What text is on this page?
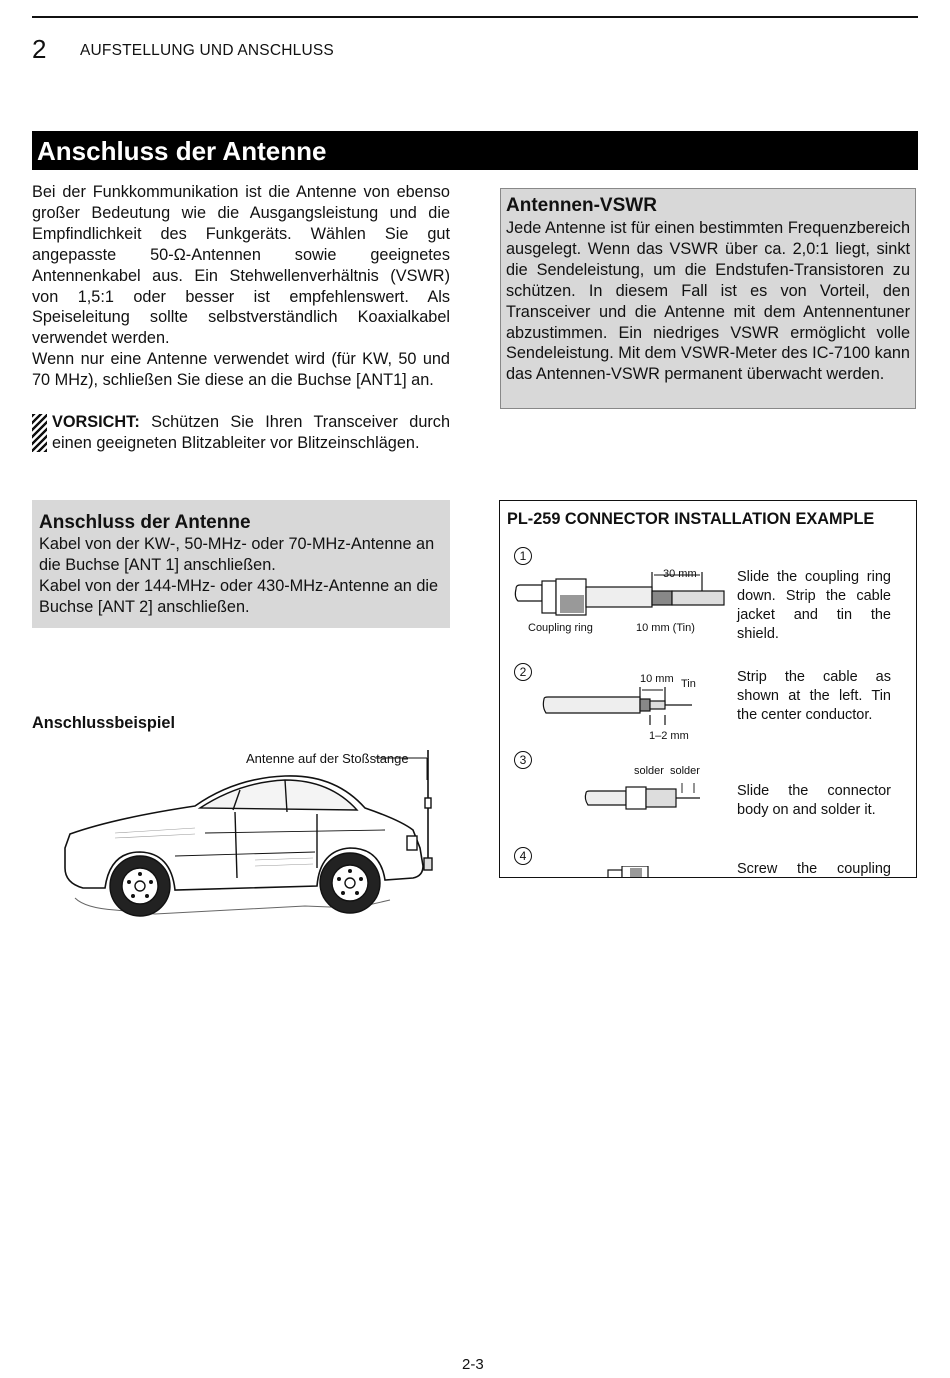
2 AUFSTELLUNG UND ANSCHLUSS
Anschluss der Antenne

Bei der Funkkommunikation ist die Antenne von ebenso großer Bedeutung wie die Ausgangsleistung und die Empfindlichkeit des Funkgeräts. Wählen Sie gut angepasste 50-Ω-Antennen sowie geeignetes Antennenkabel aus. Ein Stehwellenverhältnis (VSWR) von 1,5:1 oder besser ist empfehlenswert. Als Speiseleitung sollte selbstverständlich Koaxialkabel verwendet werden.

Wenn nur eine Antenne verwendet wird (für KW, 50 und 70 MHz), schließen Sie diese an die Buchse [ANT1] an.

VORSICHT: Schützen Sie Ihren Transceiver durch einen geeigneten Blitzableiter vor Blitzeinschlägen.
Antennen-VSWR

Jede Antenne ist für einen bestimmten Frequenzbereich ausgelegt. Wenn das VSWR über ca. 2,0:1 liegt, sinkt die Sendeleistung, um die Endstufen-Transistoren zu schützen. In diesem Fall ist es von Vorteil, den Transceiver und die Antenne mit dem Antennentuner abzustimmen. Ein niedriges VSWR ermöglicht volle Sendeleistung. Mit dem VSWR-Meter des IC-7100 kann das Antennen-VSWR permanent überwacht werden.

Anschluss der Antenne

Kabel von der KW-, 50-MHz- oder 70-MHz-Antenne an die Buchse [ANT 1] anschließen.

Kabel von der 144-MHz- oder 430-MHz-Antenne an die Buchse [ANT 2] anschließen.

Anschlussbeispiel
Antenne auf der Stoßstange
PL-259 CONNECTOR INSTALLATION EXAMPLE
1
30 mm
Coupling ring	10 mm (Tin)
Slide the coupling ring down. Strip the cable jacket and tin the shield.
2	10 mm Tin
1–2 mm
Strip the cable as shown at the left. Tin the center conductor.
3
solder solder
Slide the connector body on and solder it.
4
Screw the coupling
2-3
